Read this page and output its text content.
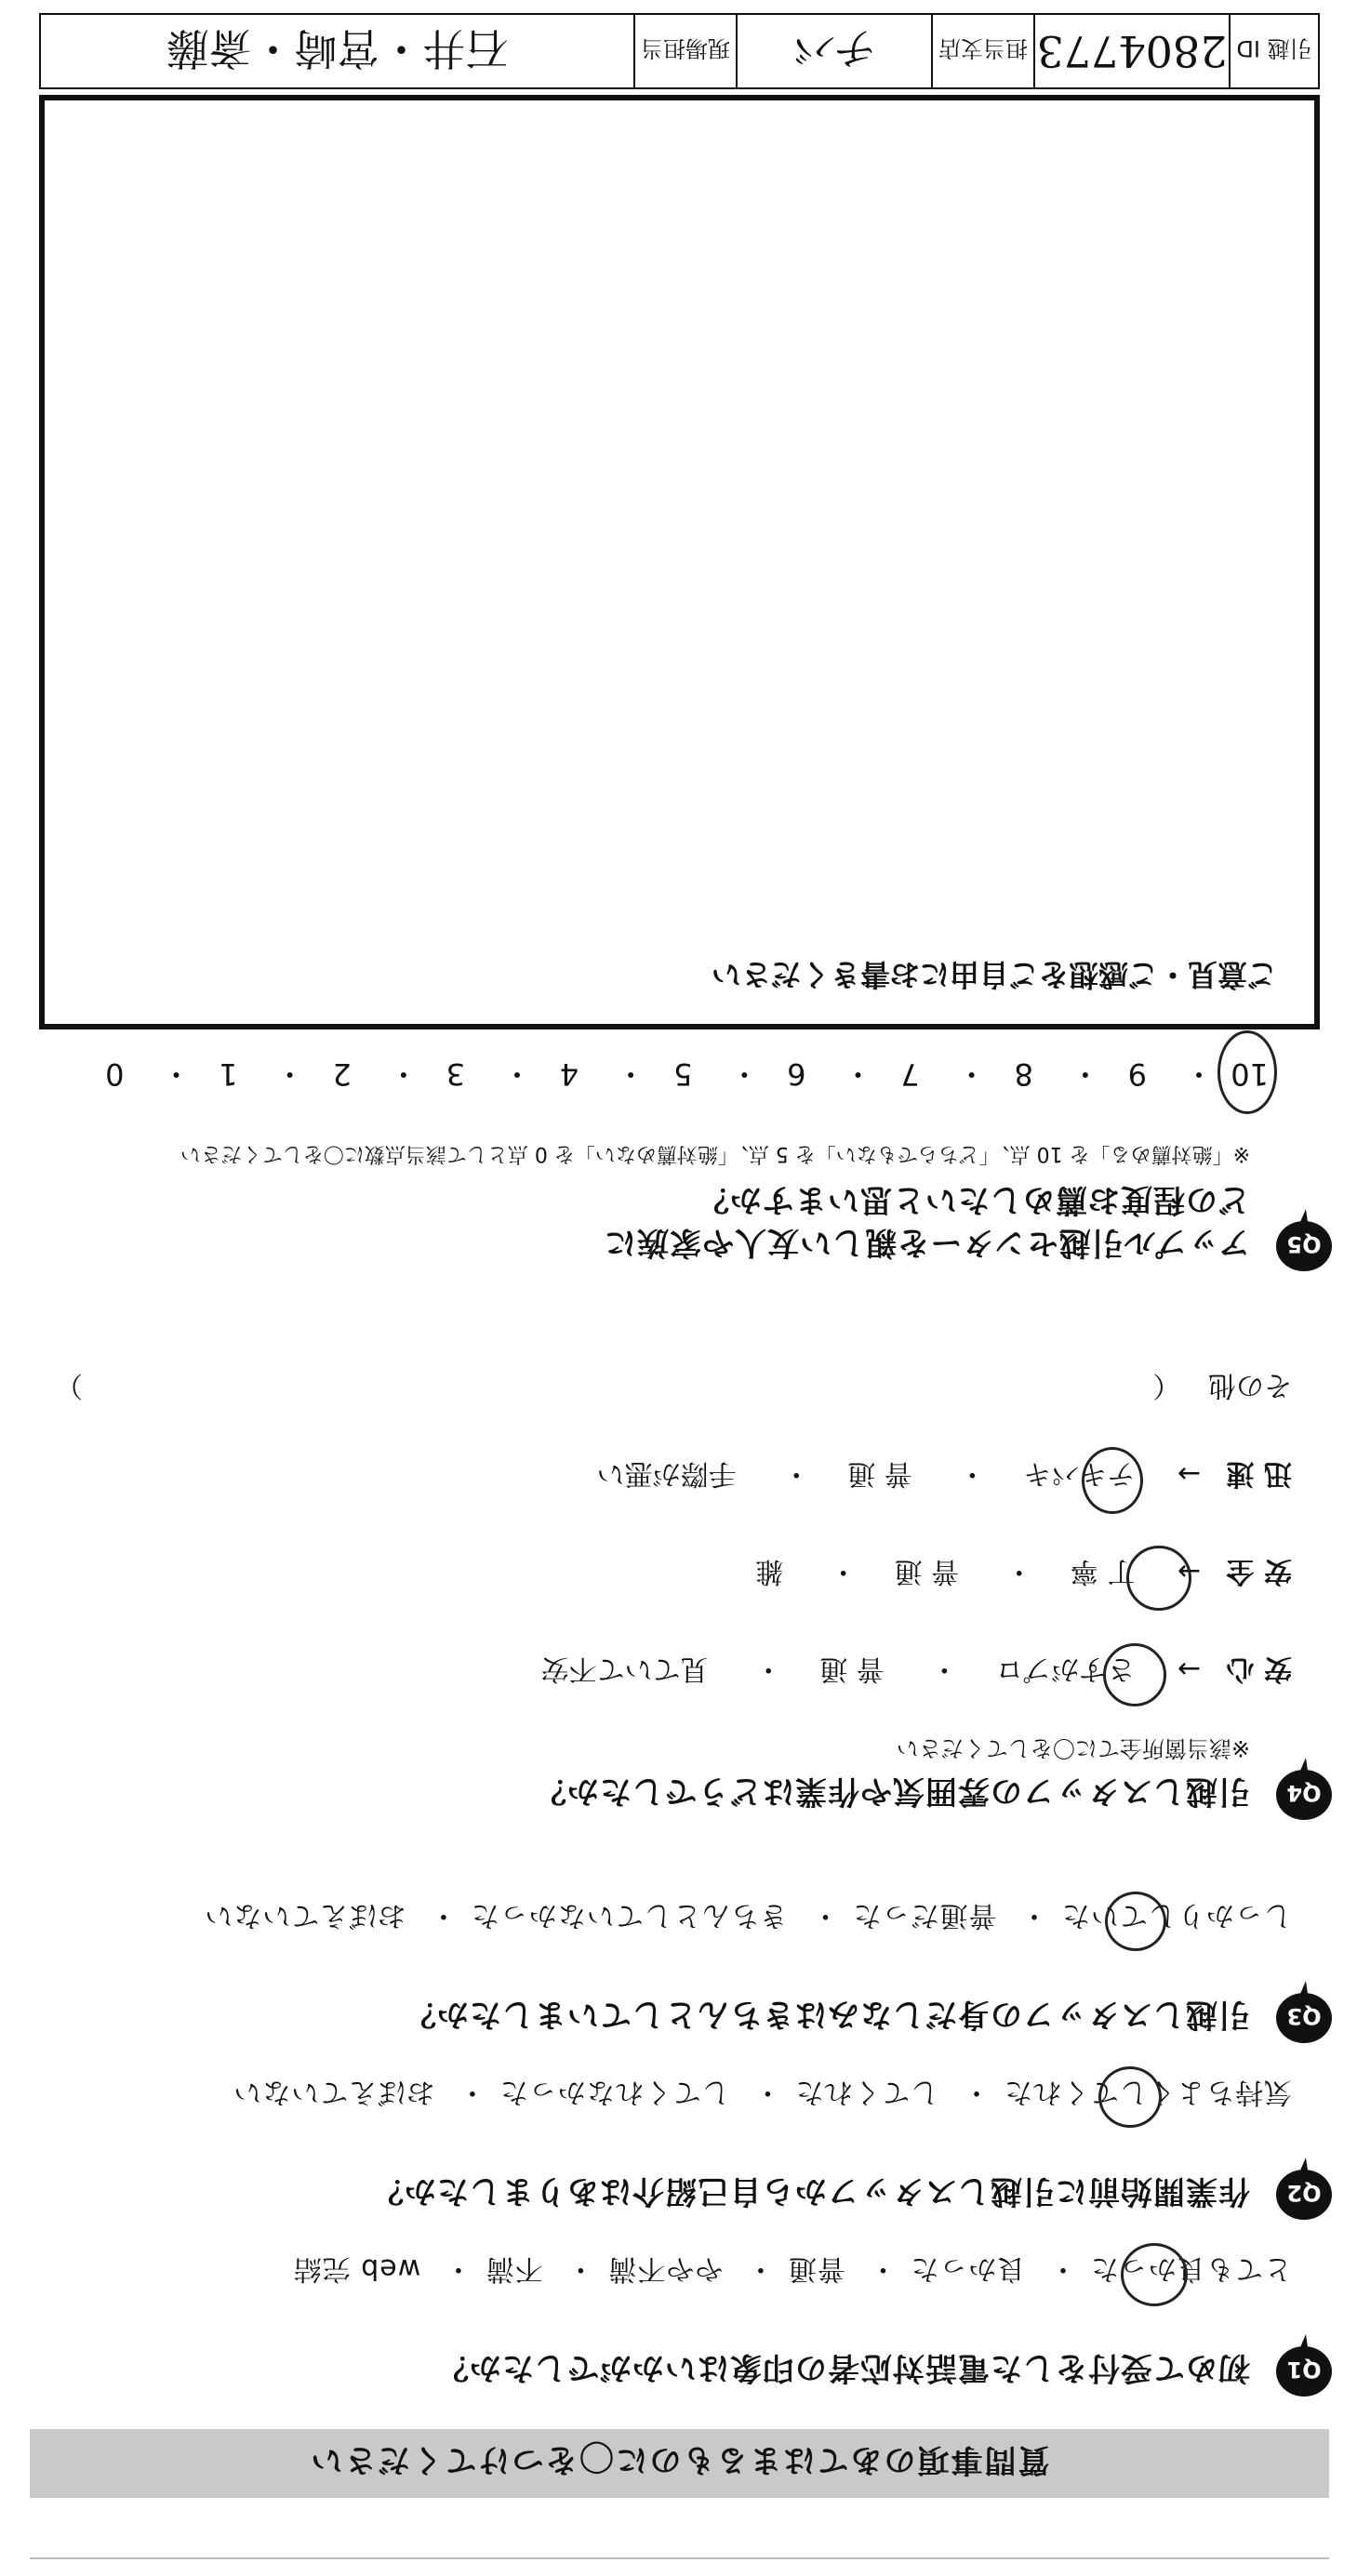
質問事項のあてはまるものに◯をつけてください
Q1
初めて受付をした電話対応者の印象はいかがでしたか？
とても良かった・ 良かった・ 普通・ やや不満・ 不満・ web 完結
Q2
作業開始前に引越しスタッフから自己紹介はありましたか？
気持ちよくしてくれた・ してくれた・ してくれなかった・ おぼえていない
Q3
引越しスタッフの身だしなみはきちんとしていましたか？
しっかりしていた・ 普通だった・ きちんとしていなかった・ おぼえていない
Q4
引越しスタッフの雰囲気や作業はどうでしたか？
※該当箇所全てに〇をしてください
安 心 → さすがプロ・ 普 通・ 見ていて不安
安 全 → 丁 寧・ 普 通・ 雑
迅 速 → テキパキ・ 普 通・ 手際が悪い
その他 （
）
Q5
アップル引越センターを親しい友人や家族に
どの程度お薦めしたいと思いますか？
※「絶対薦める」を 10 点、「どちらでもない」を 5 点、「絶対薦めない」を 0 点として該当点数に〇をしてください
10・ 9・ 8・ 7・ 6・ 5・ 4・ 3・ 2・ 1・ 0
ご意見・ご感想をご自由にお書きください
引越 ID
2804773
担当支店
チバ
現場担当
石井・宮崎・斎藤
